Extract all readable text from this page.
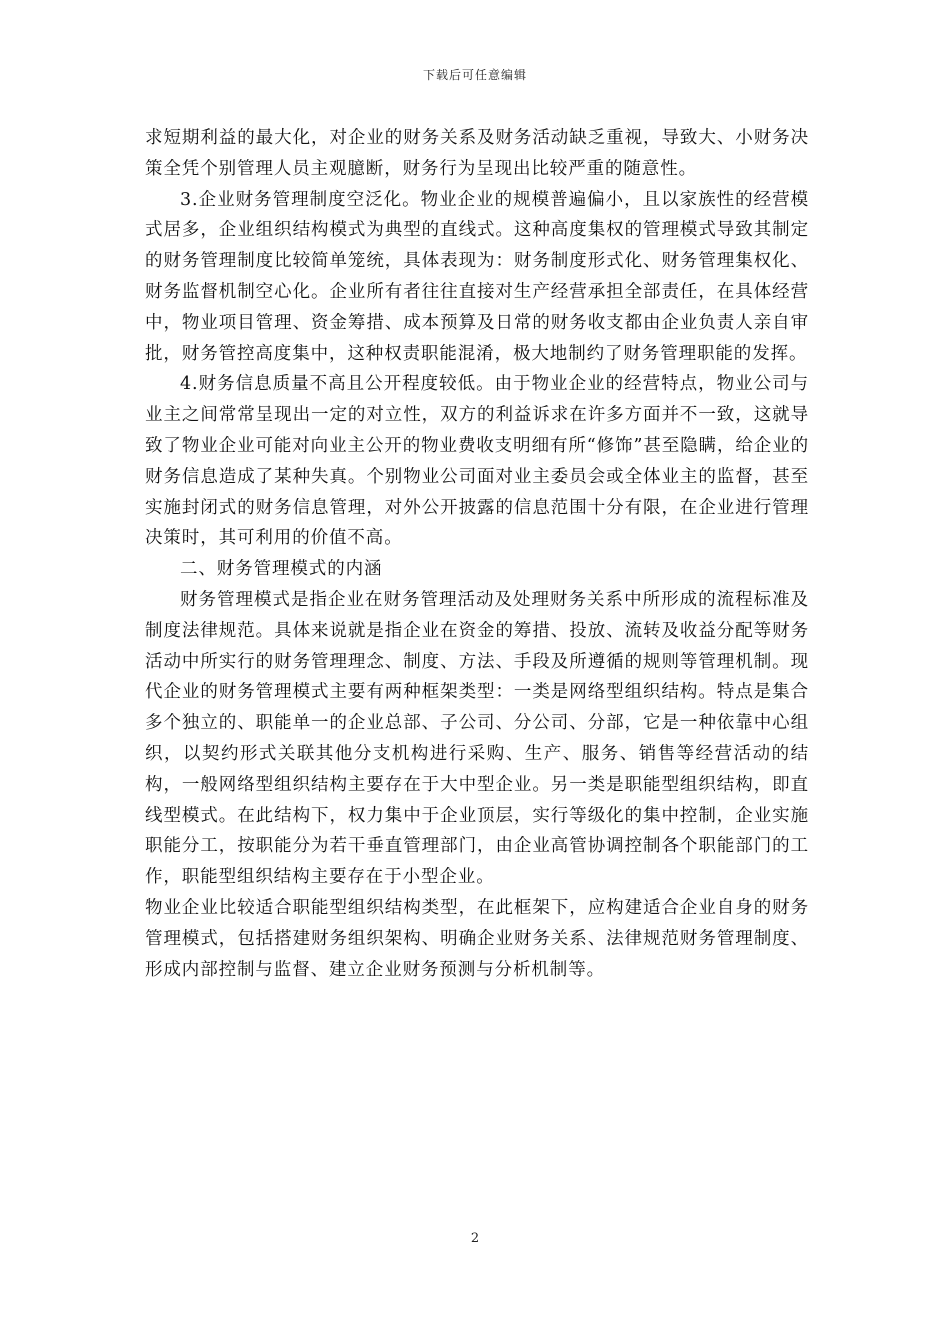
下载后可任意编辑

求短期利益的最大化，对企业的财务关系及财务活动缺乏重视，导致大、小财务决策全凭个别管理人员主观臆断，财务行为呈现出比较严重的随意性。

3.企业财务管理制度空泛化。物业企业的规模普遍偏小，且以家族性的经营模式居多，企业组织结构模式为典型的直线式。这种高度集权的管理模式导致其制定的财务管理制度比较简单笼统，具体表现为：财务制度形式化、财务管理集权化、财务监督机制空心化。企业所有者往往直接对生产经营承担全部责任，在具体经营中，物业项目管理、资金筹措、成本预算及日常的财务收支都由企业负责人亲自审批，财务管控高度集中，这种权责职能混淆，极大地制约了财务管理职能的发挥。

4.财务信息质量不高且公开程度较低。由于物业企业的经营特点，物业公司与业主之间常常呈现出一定的对立性，双方的利益诉求在许多方面并不一致，这就导致了物业企业可能对向业主公开的物业费收支明细有所“修饰”甚至隐瞒，给企业的财务信息造成了某种失真。个别物业公司面对业主委员会或全体业主的监督，甚至实施封闭式的财务信息管理，对外公开披露的信息范围十分有限，在企业进行管理决策时，其可利用的价值不高。

二、财务管理模式的内涵

财务管理模式是指企业在财务管理活动及处理财务关系中所形成的流程标准及制度法律规范。具体来说就是指企业在资金的筹措、投放、流转及收益分配等财务活动中所实行的财务管理理念、制度、方法、手段及所遵循的规则等管理机制。现代企业的财务管理模式主要有两种框架类型：一类是网络型组织结构。特点是集合多个独立的、职能单一的企业总部、子公司、分公司、分部，它是一种依靠中心组织，以契约形式关联其他分支机构进行采购、生产、服务、销售等经营活动的结构，一般网络型组织结构主要存在于大中型企业。另一类是职能型组织结构，即直线型模式。在此结构下，权力集中于企业顶层，实行等级化的集中控制，企业实施职能分工，按职能分为若干垂直管理部门，由企业高管协调控制各个职能部门的工作，职能型组织结构主要存在于小型企业。

物业企业比较适合职能型组织结构类型，在此框架下，应构建适合企业自身的财务管理模式，包括搭建财务组织架构、明确企业财务关系、法律规范财务管理制度、形成内部控制与监督、建立企业财务预测与分析机制等。

2
